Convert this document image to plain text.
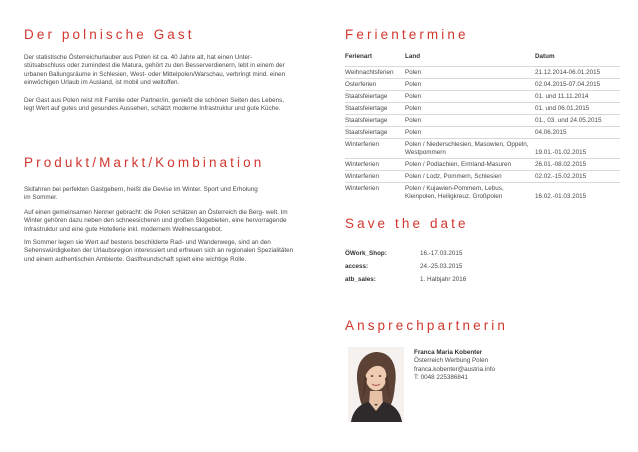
Der polnische Gast

Der statistische Österreichurlauber aus Polen ist ca. 40 Jahre alt, hat einen Unter- stütsabschluss oder zumindest die Matura, gehört zu den Besserverdienern, lebt in einem der urbanen Ballungsräume in Schlesien, West- oder Mittelpolen/Warschau, verbringt mind. einen einwöchigen Urlaub im Ausland, ist mobil und weltoffen.

Der Gast aus Polen reist mit Familie oder Partner/in, genießt die schönen Seiten des Lebens, legt Wert auf gutes und gesundes Aussehen, schätzt moderne Infrastruktur und gute Küche.

Produkt/Markt/Kombination

Skifahren bei perfekten Gastgebern, heißt die Devise im Winter. Sport und Erholung im Sommer.

Auf einen gemeinsamen Nenner gebracht: die Polen schätzen an Österreich die Berg- welt. Im Winter gehören dazu neben den schneesicheren und großen Skigebieten, eine hervorragende Infrastruktur und eine gute Hotellerie inkl. modernem Wellnessangebot.

Im Sommer legen sie Wert auf bestens beschilderte Rad- und Wanderwege, sind an den Sehenswürdigkeiten der Urlaubsregion interessiert und erfreuen sich an regionalen Spezialitäten und einem authentischen Ambiente. Gastfreundschaft spielt eine wichtige Rolle.

Ferientermine
Ferienart	Land	Datum
Weihnachtsferien	Polen	21.12.2014-06.01.2015
Osterferien	Polen	02.04.2015-07.04.2015
Staatsfeiertage	Polen	01. und 11.11.2014
Staatsfeiertage	Polen	01. und 06.01.2015
Staatsfeiertage	Polen	01., 03. und 24.05.2015
Staatsfeiertage	Polen	04.06.2015
Winterferien	Polen / Niederschlesien, Masowien, Oppeln, Westpommern	19.01.-01.02.2015
Winterferien	Polen / Podlachien, Ermland-Masuren	26.01.-08.02.2015
Winterferien	Polen / Lodz, Pommern, Schlesien	02.02.-15.02.2015
Winterferien	Polen / Kujawien-Pommern, Lebus, Kleinpolen, Heiligkreuz, Großpolen	16.02.-01.03.2015
Save the date
ÖWork_Shop:	16.-17.03.2015
access:	24.-25.03.2015
atb_sales:	1. Halbjahr 2016
Ansprechpartnerin
Franca Maria Kobenter
Österreich Werbung Polen
franca.kobenter@austria.info
T: 0048 225386841
